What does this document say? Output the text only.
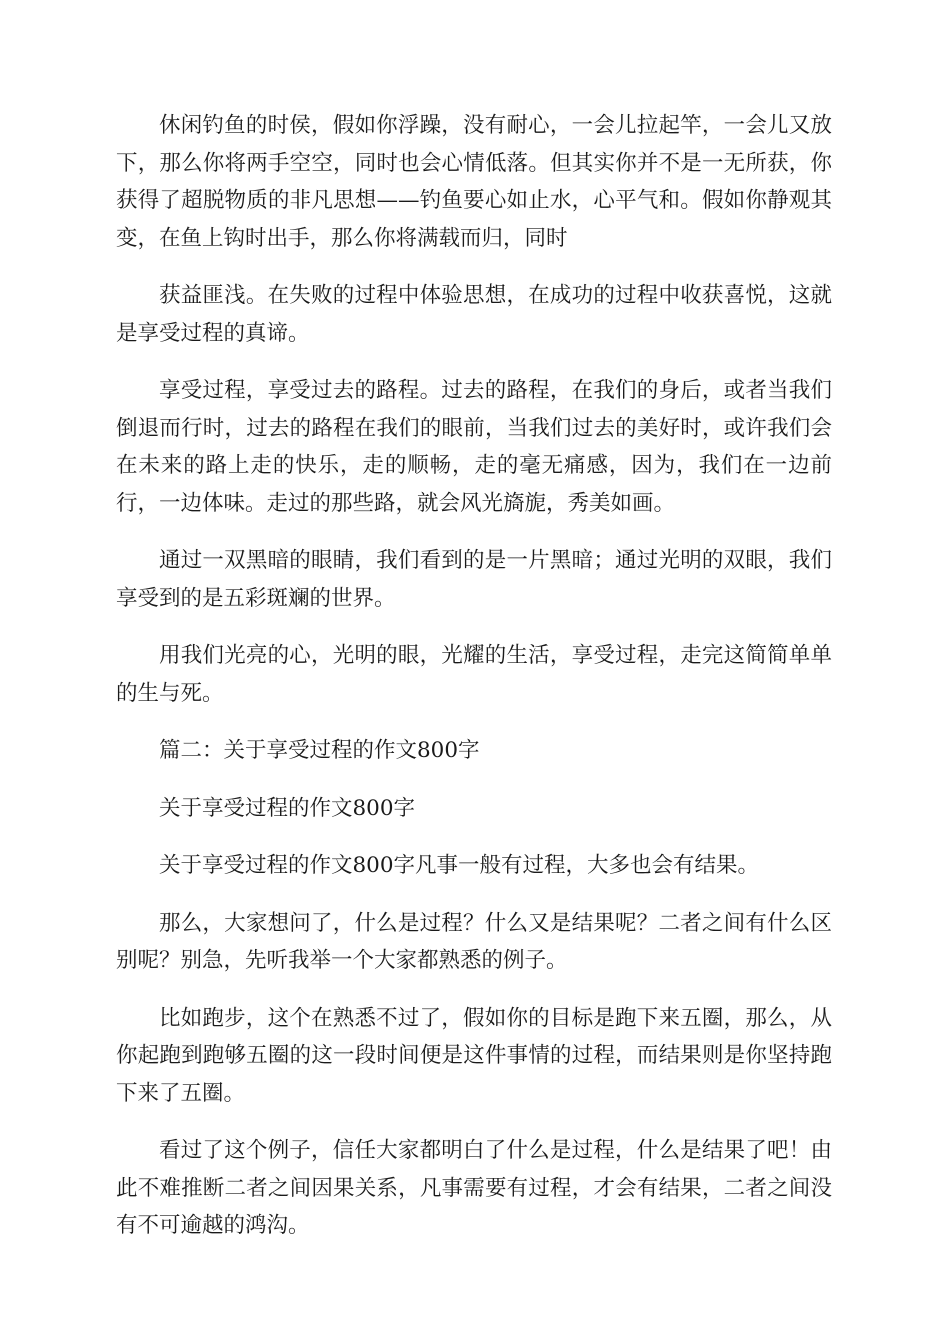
休闲钓鱼的时侯，假如你浮躁，没有耐心，一会儿拉起竿，一会儿又放下，那么你将两手空空，同时也会心情低落。但其实你并不是一无所获，你获得了超脱物质的非凡思想——钓鱼要心如止水，心平气和。假如你静观其变，在鱼上钩时出手，那么你将满载而归，同时

获益匪浅。在失败的过程中体验思想，在成功的过程中收获喜悦，这就是享受过程的真谛。

享受过程，享受过去的路程。过去的路程，在我们的身后，或者当我们倒退而行时，过去的路程在我们的眼前，当我们过去的美好时，或许我们会在未来的路上走的快乐，走的顺畅，走的毫无痛感，因为，我们在一边前行，一边体味。走过的那些路，就会风光旖旎，秀美如画。

通过一双黑暗的眼睛，我们看到的是一片黑暗；通过光明的双眼，我们享受到的是五彩斑斓的世界。

用我们光亮的心，光明的眼，光耀的生活，享受过程，走完这简简单单的生与死。

篇二：关于享受过程的作文800字

关于享受过程的作文800字

关于享受过程的作文800字凡事一般有过程，大多也会有结果。

那么，大家想问了，什么是过程？什么又是结果呢？二者之间有什么区别呢？别急，先听我举一个大家都熟悉的例子。

比如跑步，这个在熟悉不过了，假如你的目标是跑下来五圈，那么，从你起跑到跑够五圈的这一段时间便是这件事情的过程，而结果则是你坚持跑下来了五圈。

看过了这个例子，信任大家都明白了什么是过程，什么是结果了吧！由此不难推断二者之间因果关系，凡事需要有过程，才会有结果，二者之间没有不可逾越的鸿沟。
